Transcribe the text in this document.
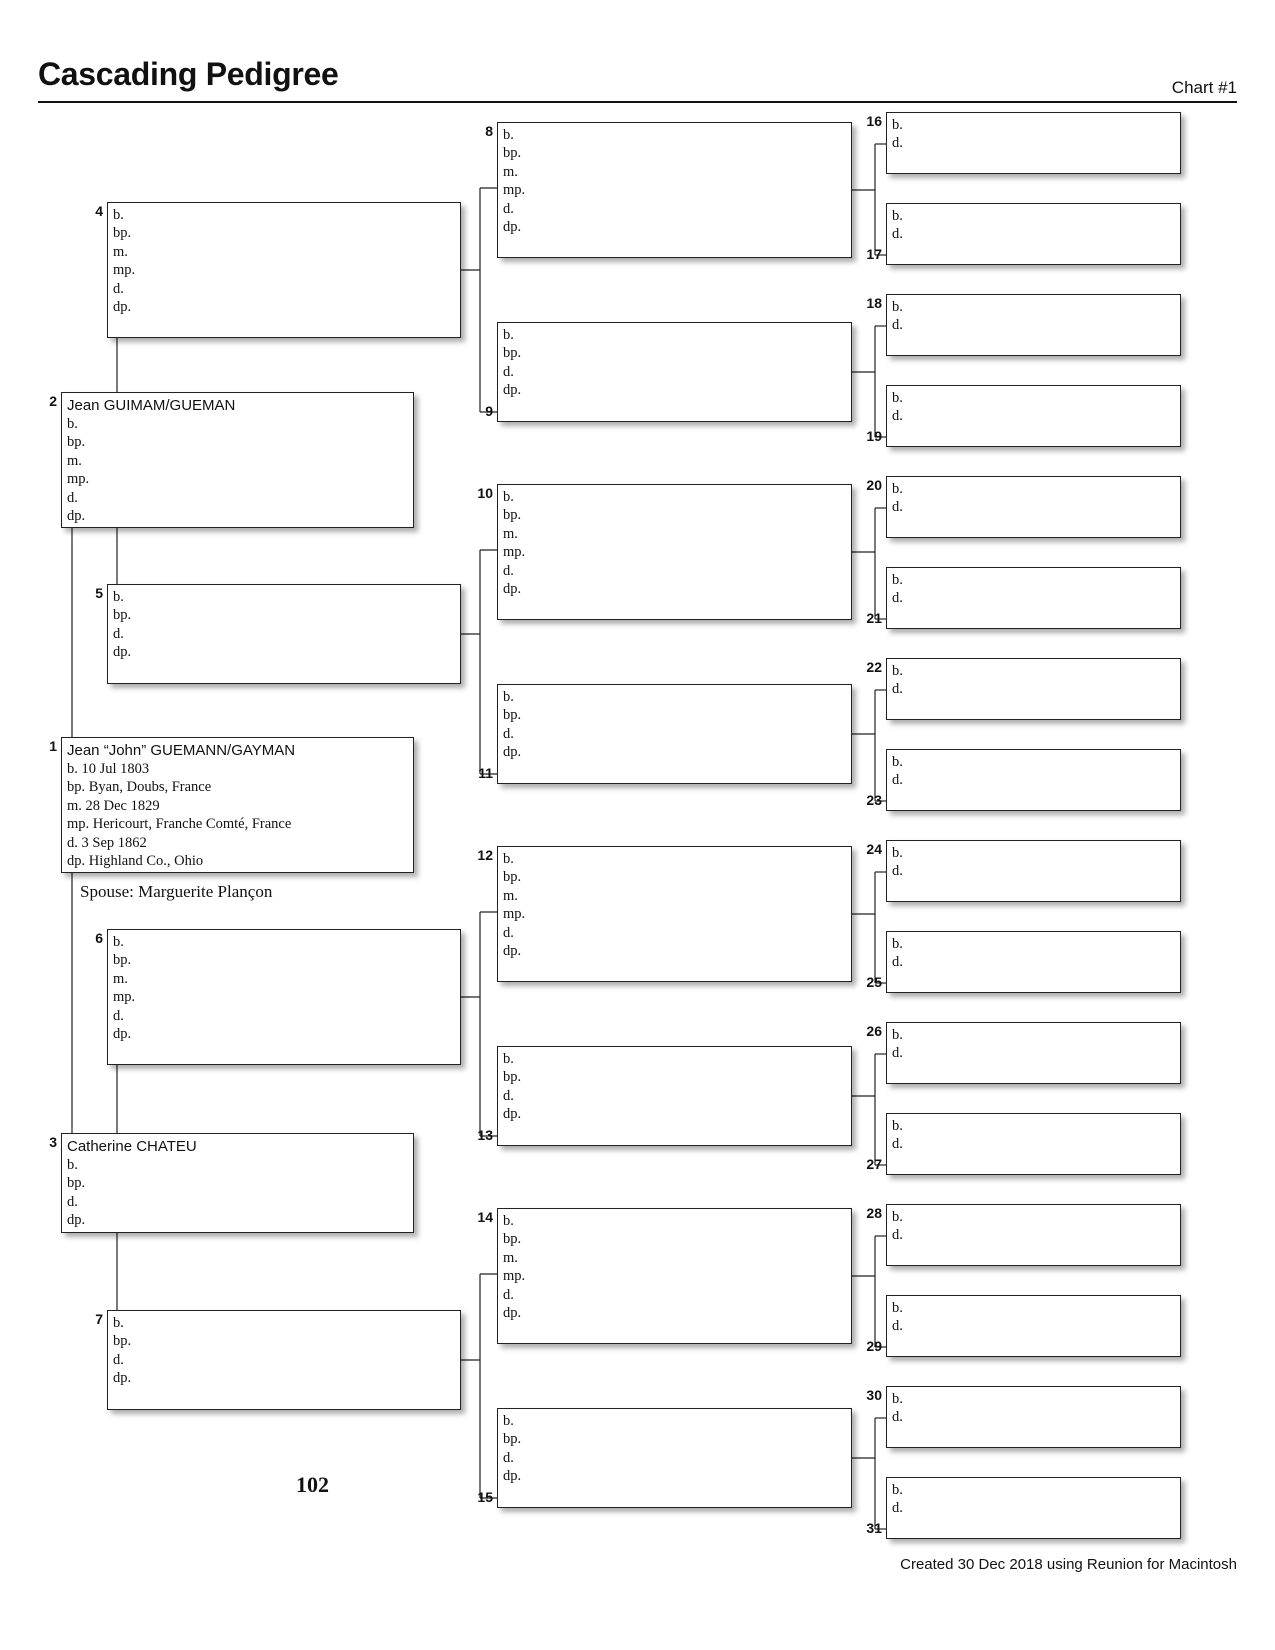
Cascading Pedigree	Chart #1
Jean “John” GUEMANN/GAYMAN
b. 10 Jul 1803
bp. Byan, Doubs, France
m. 28 Dec 1829
mp. Hericourt, Franche Comté, France
d. 3 Sep 1862
dp. Highland Co., Ohio
1
Jean GUIMAM/GUEMAN
b.
bp.
m.
mp.
d.
dp.
2
Catherine CHATEU
b.
bp.
d.
dp.
3
b.
bp.
m.
mp.
d.
dp.
4
b.
bp.
d.
dp.
5
b.
bp.
m.
mp.
d.
dp.
6
b.
bp.
d.
dp.
7
b.
bp.
m.
mp.
d.
dp.
8
b.
bp.
d.
dp.
9
b.
bp.
m.
mp.
d.
dp.
10
b.
bp.
d.
dp.
11
b.
bp.
m.
mp.
d.
dp.
12
b.
bp.
d.
dp.
13
b.
bp.
m.
mp.
d.
dp.
14
b.
bp.
d.
dp.
15
b.
d.
16
b.
d.
17
b.
d.
18
b.
d.
19
b.
d.
20
b.
d.
21
b.
d.
22
b.
d.
23
b.
d.
24
b.
d.
25
b.
d.
26
b.
d.
27
b.
d.
28
b.
d.
29
b.
d.
30
b.
d.
31
Spouse: Marguerite Plançon
102
Created 30 Dec 2018 using Reunion for Macintosh
